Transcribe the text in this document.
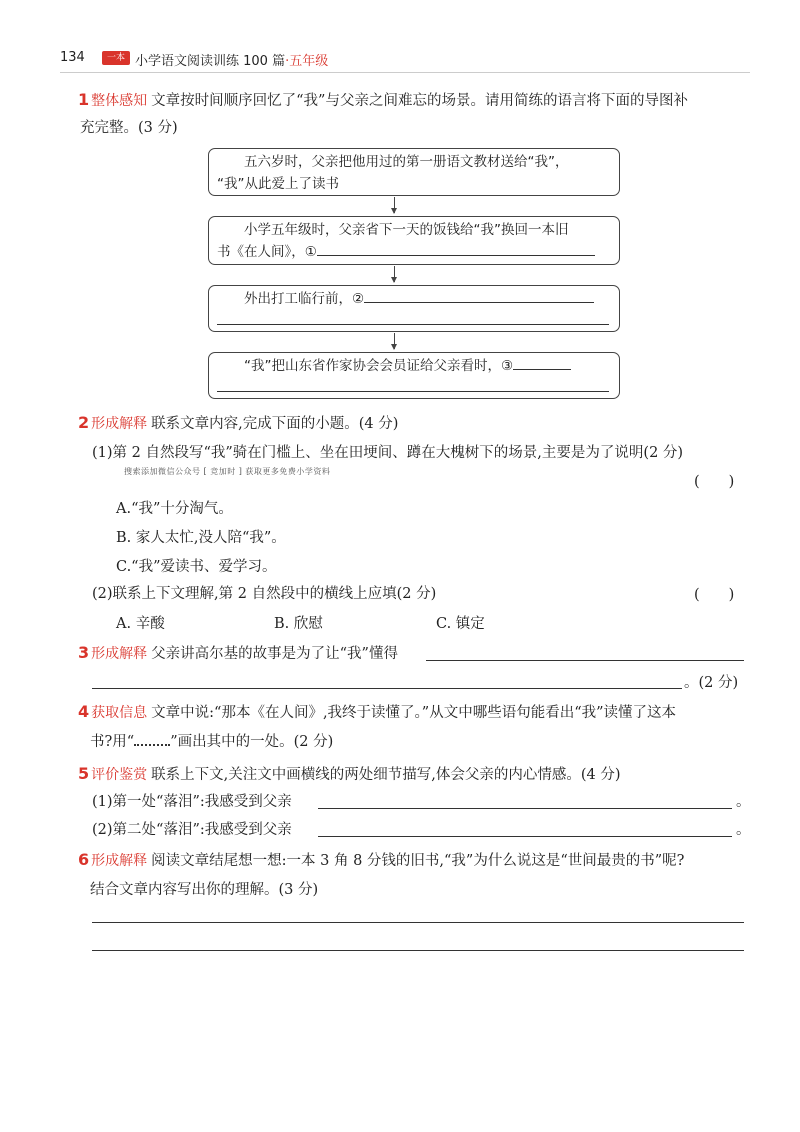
134	一本 小学语文阅读训练 100 篇·五年级
1 整体感知 文章按时间顺序回忆了“我”与父亲之间难忘的场景。请用简练的语言将下面的导图补
充完整。(3 分)
五六岁时，父亲把他用过的第一册语文教材送给“我”，
“我”从此爱上了读书
小学五年级时，父亲省下一天的饭钱给“我”换回一本旧
书《在人间》，①
外出打工临行前，②
“我”把山东省作家协会会员证给父亲看时，③
2 形成解释 联系文章内容,完成下面的小题。(4 分)
(1)第 2 自然段写“我”骑在门槛上、坐在田埂间、蹲在大槐树下的场景,主要是为了说明(2 分)
搜索添加微信公众号 [ 竞加时 ] 获取更多免费小学资料
(　　)
A.“我”十分淘气。
B. 家人太忙,没人陪“我”。
C.“我”爱读书、爱学习。
(2)联系上下文理解,第 2 自然段中的横线上应填(2 分)	(　　)
A. 辛酸	B. 欣慰	C. 镇定
3 形成解释 父亲讲高尔基的故事是为了让“我”懂得
。(2 分)
4 获取信息 文章中说:“那本《在人间》,我终于读懂了。”从文中哪些语句能看出“我”读懂了这本
书?用“ ”画出其中的一处。(2 分)
5 评价鉴赏 联系上下文,关注文中画横线的两处细节描写,体会父亲的内心情感。(4 分)
(1)第一处“落泪”:我感受到父亲	。
(2)第二处“落泪”:我感受到父亲	。
6 形成解释 阅读文章结尾想一想:一本 3 角 8 分钱的旧书,“我”为什么说这是“世间最贵的书”呢?
结合文章内容写出你的理解。(3 分)
